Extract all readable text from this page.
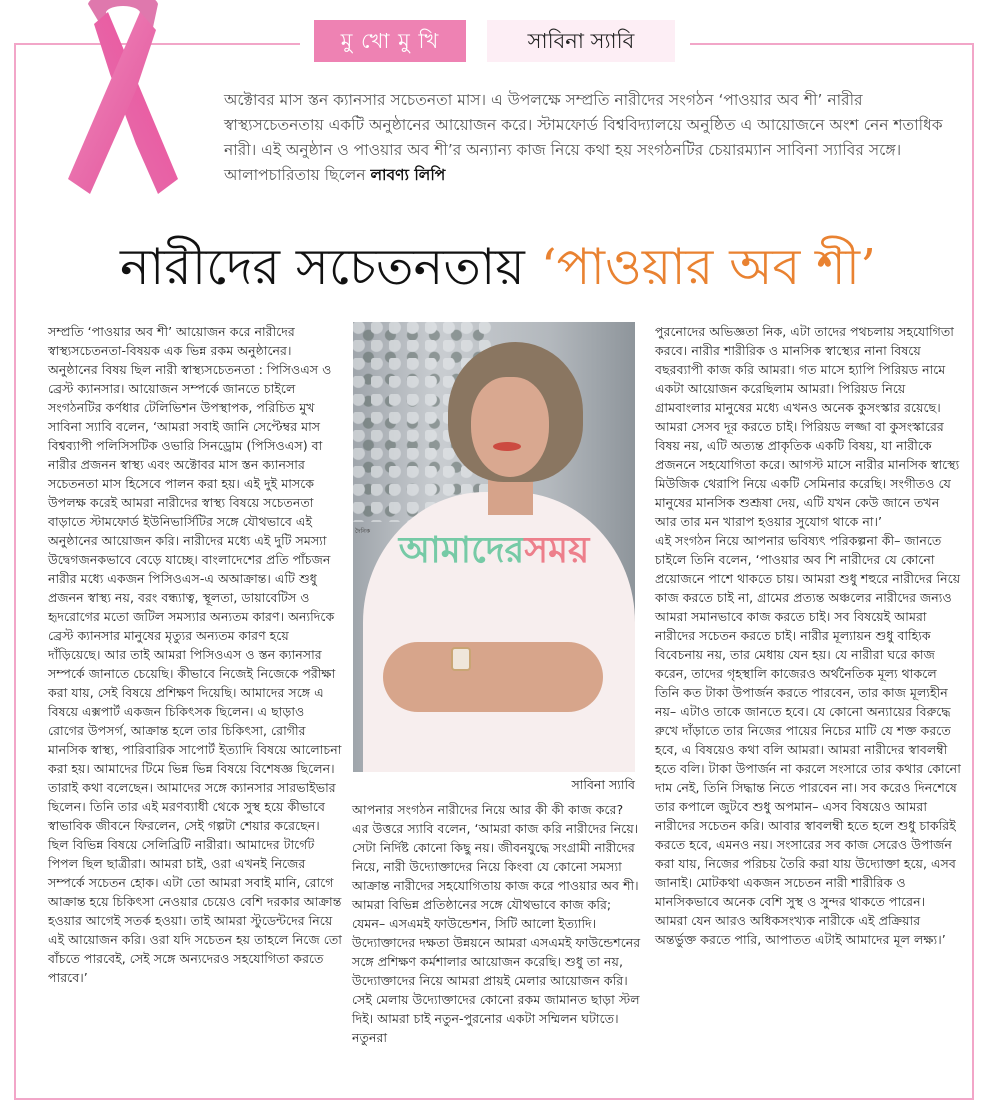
মু খো মু খি	সাবিনা স্যাবি
অক্টোবর মাস স্তন ক্যানসার সচেতনতা মাস। এ উপলক্ষে সম্প্রতি নারীদের সংগঠন ‘পাওয়ার অব শী’ নারীর স্বাস্থ্যসচেতনতায় একটি অনুষ্ঠানের আয়োজন করে। স্টামফোর্ড বিশ্ববিদ্যালয়ে অনুষ্ঠিত এ আয়োজনে অংশ নেন শতাধিক নারী। এই অনুষ্ঠান ও পাওয়ার অব শী’র অন্যান্য কাজ নিয়ে কথা হয় সংগঠনটির চেয়ারম্যান সাবিনা স্যাবির সঙ্গে। আলাপচারিতায় ছিলেন লাবণ্য লিপি
নারীদের সচেতনতায় ‘পাওয়ার অব শী’
সম্প্রতি ‘পাওয়ার অব শী’ আয়োজন করে নারীদের স্বাস্থ্যসচেতনতা-বিষয়ক এক ভিন্ন রকম অনুষ্ঠানের। অনুষ্ঠানের বিষয় ছিল নারী স্বাস্থ্যসচেতনতা : পিসিওএস ও ব্রেস্ট ক্যানসার। আয়োজন সম্পর্কে জানতে চাইলে সংগঠনটির কর্ণধার টেলিভিশন উপস্থাপক, পরিচিত মুখ সাবিনা স্যাবি বলেন, ‘আমরা সবাই জানি সেপ্টেম্বর মাস বিশ্বব্যাপী পলিসিসটিক ওভারি সিনড্রোম (পিসিওএস) বা নারীর প্রজনন স্বাস্থ্য এবং অক্টোবর মাস স্তন ক্যানসার সচেতনতা মাস হিসেবে পালন করা হয়। এই দুই মাসকে উপলক্ষ করেই আমরা নারীদের স্বাস্থ্য বিষয়ে সচেতনতা বাড়াতে স্টামফোর্ড ইউনিভার্সিটির সঙ্গে যৌথভাবে এই অনুষ্ঠানের আয়োজন করি। নারীদের মধ্যে এই দুটি সমস্যা উদ্বেগজনকভাবে বেড়ে যাচ্ছে। বাংলাদেশের প্রতি পাঁচজন নারীর মধ্যে একজন পিসিওএস-এ অআক্রান্ত। এটি শুধু প্রজনন স্বাস্থ্য নয়, বরং বন্ধ্যাত্ব, স্থূলতা, ডায়াবেটিস ও হৃদরোগের মতো জটিল সমস্যার অন্যতম কারণ। অন্যদিকে ব্রেস্ট ক্যানসার মানুষের মৃত্যুর অন্যতম কারণ হয়ে দাঁড়িয়েছে। আর তাই আমরা পিসিওএস ও স্তন ক্যানসার সম্পর্কে জানাতে চেয়েছি। কীভাবে নিজেই নিজেকে পরীক্ষা করা যায়, সেই বিষয়ে প্রশিক্ষণ দিয়েছি। আমাদের সঙ্গে এ বিষয়ে এক্সপার্ট একজন চিকিৎসক ছিলেন। এ ছাড়াও রোগের উপসর্গ, আক্রান্ত হলে তার চিকিৎসা, রোগীর মানসিক স্বাস্থ্য, পারিবারিক সাপোর্ট ইত্যাদি বিষয়ে আলোচনা করা হয়। আমাদের টিমে ভিন্ন ভিন্ন বিষয়ে বিশেষজ্ঞ ছিলেন। তারাই কথা বলেছেন। আমাদের সঙ্গে ক্যানসার সারভাইভার ছিলেন। তিনি তার এই মরণব্যাধী থেকে সুস্থ হয়ে কীভাবে স্বাভাবিক জীবনে ফিরলেন, সেই গল্পটা শেয়ার করেছেন। ছিল বিভিন্ন বিষয়ে সেলিব্রিটি নারীরা। আমাদের টার্গেট পিপল ছিল ছাত্রীরা। আমরা চাই, ওরা এখনই নিজের সম্পর্কে সচেতন হোক। এটা তো আমরা সবাই মানি, রোগে আক্রান্ত হয়ে চিকিৎসা নেওয়ার চেয়েও বেশি দরকার আক্রান্ত হওয়ার আগেই সতর্ক হওয়া। তাই আমরা স্টুডেন্টদের নিয়ে এই আয়োজন করি। ওরা যদি সচেতন হয় তাহলে নিজে তো বাঁচতে পারবেই, সেই সঙ্গে অন্যদেরও সহযোগিতা করতে পারবে।’
দৈনিক আমাদেরসময়
সাবিনা স্যাবি
আপনার সংগঠন নারীদের নিয়ে আর কী কী কাজ করে? এর উত্তরে স্যাবি বলেন, ‘আমরা কাজ করি নারীদের নিয়ে। সেটা নির্দিষ্ট কোনো কিছু নয়। জীবনযুদ্ধে সংগ্রামী নারীদের নিয়ে, নারী উদ্যোক্তাদের নিয়ে কিংবা যে কোনো সমস্যা আক্রান্ত নারীদের সহযোগিতায় কাজ করে পাওয়ার অব শী। আমরা বিভিন্ন প্রতিষ্ঠানের সঙ্গে যৌথভাবে কাজ করি; যেমন– এসএমই ফাউন্ডেশন, সিটি আলো ইত্যাদি। উদ্যোক্তাদের দক্ষতা উন্নয়নে আমরা এসএমই ফাউন্ডেশনের সঙ্গে প্রশিক্ষণ কর্মশালার আয়োজন করেছি। শুধু তা নয়, উদ্যোক্তাদের নিয়ে আমরা প্রায়ই মেলার আয়োজন করি। সেই মেলায় উদ্যোক্তাদের কোনো রকম জামানত ছাড়া স্টল দিই। আমরা চাই নতুন-পুরনোর একটা সম্মিলন ঘটাতে। নতুনরা
পুরনোদের অভিজ্ঞতা নিক, এটা তাদের পথচলায় সহযোগিতা করবে। নারীর শারীরিক ও মানসিক স্বাস্থ্যের নানা বিষয়ে বছরব্যাপী কাজ করি আমরা। গত মাসে হ্যাপি পিরিয়ড নামে একটা আয়োজন করেছিলাম আমরা। পিরিয়ড নিয়ে গ্রামবাংলার মানুষের মধ্যে এখনও অনেক কুসংস্কার রয়েছে। আমরা সেসব দূর করতে চাই। পিরিয়ড লজ্জা বা কুসংস্কারের বিষয় নয়, এটি অত্যন্ত প্রাকৃতিক একটি বিষয়, যা নারীকে প্রজননে সহযোগিতা করে। আগস্ট মাসে নারীর মানসিক স্বাস্থ্যে মিউজিক থেরাপি নিয়ে একটি সেমিনার করেছি। সংগীতও যে মানুষের মানসিক শুশ্রূষা দেয়, এটি যখন কেউ জানে তখন আর তার মন খারাপ হওয়ার সুযোগ থাকে না।’
এই সংগঠন নিয়ে আপনার ভবিষ্যৎ পরিকল্পনা কী– জানতে চাইলে তিনি বলেন, ‘পাওয়ার অব শি নারীদের যে কোনো প্রয়োজনে পাশে থাকতে চায়। আমরা শুধু শহুরে নারীদের নিয়ে কাজ করতে চাই না, গ্রামের প্রত্যন্ত অঞ্চলের নারীদের জন্যও আমরা সমানভাবে কাজ করতে চাই। সব বিষয়েই আমরা নারীদের সচেতন করতে চাই। নারীর মূল্যায়ন শুধু বাহ্যিক বিবেচনায় নয়, তার মেধায় যেন হয়। যে নারীরা ঘরে কাজ করেন, তাদের গৃহস্থালি কাজেরও অর্থনৈতিক মূল্য থাকলে তিনি কত টাকা উপার্জন করতে পারবেন, তার কাজ মূল্যহীন নয়– এটাও তাকে জানতে হবে। যে কোনো অন্যায়ের বিরুদ্ধে রুখে দাঁড়াতে তার নিজের পায়ের নিচের মাটি যে শক্ত করতে হবে, এ বিষয়েও কথা বলি আমরা। আমরা নারীদের স্বাবলম্বী হতে বলি। টাকা উপার্জন না করলে সংসারে তার কথার কোনো দাম নেই, তিনি সিদ্ধান্ত নিতে পারবেন না। সব করেও দিনশেষে তার কপালে জুটবে শুধু অপমান– এসব বিষয়েও আমরা নারীদের সচেতন করি। আবার স্বাবলম্বী হতে হলে শুধু চাকরিই করতে হবে, এমনও নয়। সংসারের সব কাজ সেরেও উপার্জন করা যায়, নিজের পরিচয় তৈরি করা যায় উদ্যোক্তা হয়ে, এসব জানাই। মোটকথা একজন সচেতন নারী শারীরিক ও মানসিকভাবে অনেক বেশি সুস্থ ও সুন্দর থাকতে পারেন। আমরা যেন আরও অধিকসংখ্যক নারীকে এই প্রক্রিয়ার অন্তর্ভুক্ত করতে পারি, আপাতত এটাই আমাদের মূল লক্ষ্য।’
